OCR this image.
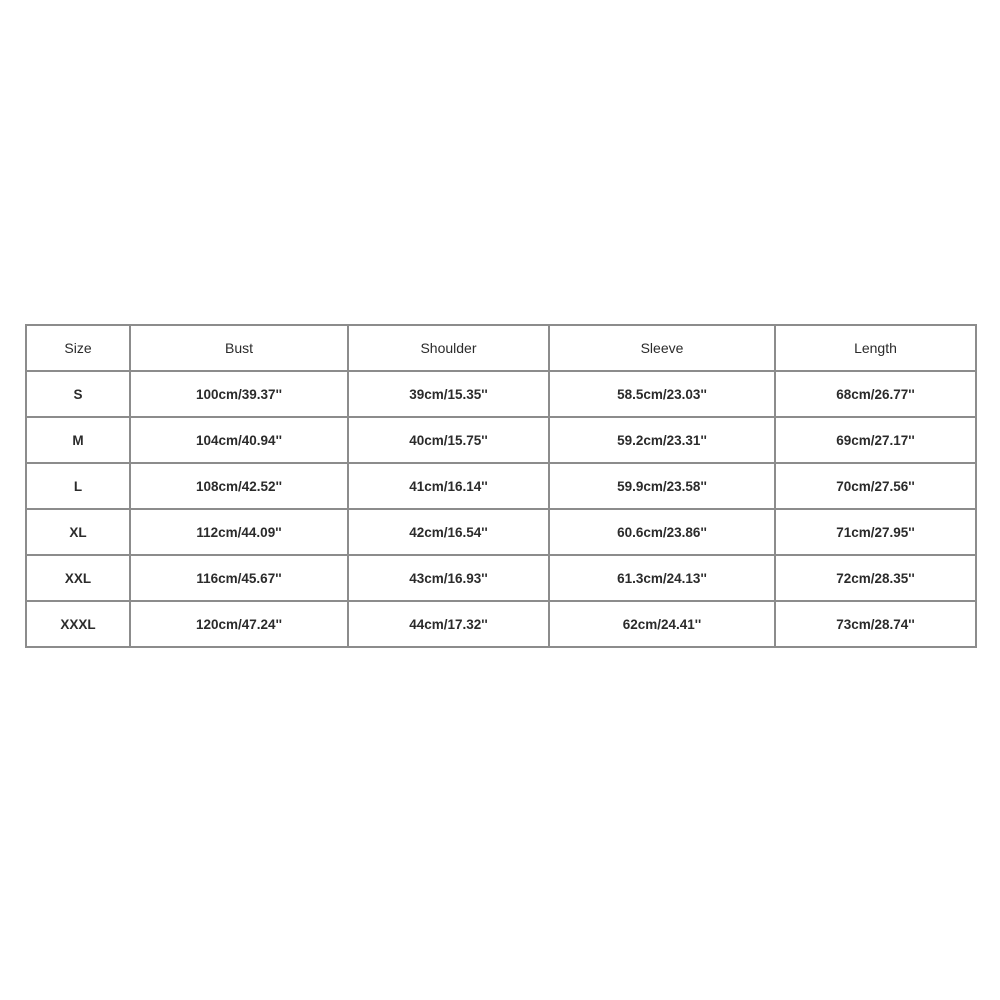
Size	Bust	Shoulder	Sleeve	Length
S	100cm/39.37''	39cm/15.35''	58.5cm/23.03''	68cm/26.77''
M	104cm/40.94''	40cm/15.75''	59.2cm/23.31''	69cm/27.17''
L	108cm/42.52''	41cm/16.14''	59.9cm/23.58''	70cm/27.56''
XL	112cm/44.09''	42cm/16.54''	60.6cm/23.86''	71cm/27.95''
XXL	116cm/45.67''	43cm/16.93''	61.3cm/24.13''	72cm/28.35''
XXXL	120cm/47.24''	44cm/17.32''	62cm/24.41''	73cm/28.74''
